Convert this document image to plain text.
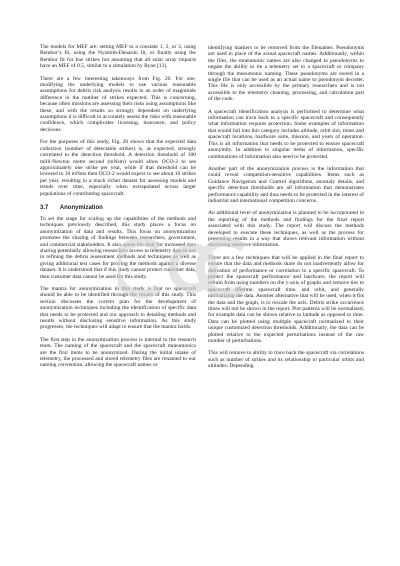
The models for MEF are: setting MEF to a constant 1, 2, or 3, using Rembor’s fit, using the Nysmith-Denardo fit, or finally using the Rembor fit for bus strikes but assuming that all solar array impacts have an MEF of 0.5, similar to a simulation by Ryan [13].

There are a few interesting takeaways from Fig. 20. For one, modifying the underlying models to use various reasonable assumptions for debris risk analysis results in an order of magnitude difference in the number of strikes expected. This is concerning, because often missions are assessing their risks using assumptions like these, and with the results so strongly dependent on underlying assumptions it is difficult to accurately assess the risks with reasonable confidence, which complicates licensing, insurance, and policy decisions.

For the purposes of this study, Fig. 20 shows that the expected data collection (number of detectable strikes) is, as expected, strongly correlated to the detection threshold. A detection threshold of 100 milli-Newton metre second (mNsm) would allow OCO-2 to see approximately one strike per year, while if that threshold can be lowered to 10 mNms then OCO-2 would expect to see about 10 strikes per year, resulting in a much richer dataset for assessing models and trends over time, especially when extrapolated across larger populations of contributing spacecraft.

3.7 Anonymization

To set the stage for scaling up the capabilities of the methods and techniques previously described, this study places a focus on anonymization of data and results. This focus on anonymization promotes the sharing of findings between researchers, government, and commercial stakeholders. It also opens the door for increased data sharing potentially allowing researchers access to telemetry data to use in refining the debris assessment methods and techniques as well as giving additional test cases for proving the methods against a diverse dataset. It is understood that if this study cannot protect customer data, then customer data cannot be used for this study.

The mantra for anonymization in this study is that no spacecraft should be able to be identified through the results of this study. This section discusses the current plan for the development of anonymization techniques including the identification of specific data that needs to be protected and our approach to detailing methods and results without disclosing sensitive information. As this study progresses, the techniques will adapt to ensure that the mantra holds.

The first step in the anonymization process is internal to the research team. The naming of the spacecraft and the spacecraft mneumonics are the first items to be anonymized. During the initial intake of telemetry, the processed and stored telemetry files are renamed to our naming convention, allowing the spacecraft names or

identifying markers to be removed from the filenames. Pseudonyms are used in place of the actual spacecraft names. Additionally, within the files, the mneumonic names are also changed to pseudonyms to negate the ability to tie a telemetry set to a spacecraft or company through the mneumonic naming. These pseudonyms are stored in a single file that can be used as an actual name to pseudonym decoder. This file is only accessible by the primary researchers and is not accessible to the telemetry cleaning, processing, and calculation part of the code.

A spacecraft identification analysis is performed to determine what information can trace back to a specific spacecraft and consequently what information requires protection. Some examples of information that would fall into this category includes altitude, orbit slot, times and spacecraft locations, hardware suite, mission, and years of operation. This is all information that needs to be protected to ensure spacecraft anonymity. In addition to singular items of information, specific combinations of information also need to be protected.

Another part of the anonymization process is the information that could reveal competition-sensitive capabilities. Items such as Guidance Navigation and Control algorithms, anomaly details, and specific detection thresholds are all information that demonstrates performance capability and thus needs to be protected in the interest of industrial and international competition concerns.

An additional level of anonymization is planned to be incorporated in the reporting of the methods and findings for the final report associated with this study. The report will discuss the methods developed to execute these techniques, as well as the process for presenting results in a way that shows relevant information without disclosing sensitive information.

There are a few techniques that will be applied in the final report to ensure that the data and methods share do not inadvertently allow for derivation of performance or correlation to a specific spacecraft. To protect the spacecraft performance and hardware, the report will refrain from using numbers on the y-axis of graphs and remove ties to spacecraft lifetime, spacecraft time, and orbit, and generally normalizing the data. Another alternative that will be used, when it fits the data and the graph, is to rescale the axis. Debris strike occurrence times will not be shown in the report. Plot patterns will be normalized, for example data can be shown relative to latitude as opposed to time. Data can be plotted using multiple spacecraft normalized to their unique customized detection thresholds. Additionally, the data can be plotted relative to the expected perturbations instead of the raw number of perturbations.

This will remove to ability to trace back the spacecraft via correlations such as number of strikes and its relationship to particular orbits and altitudes. Depending
